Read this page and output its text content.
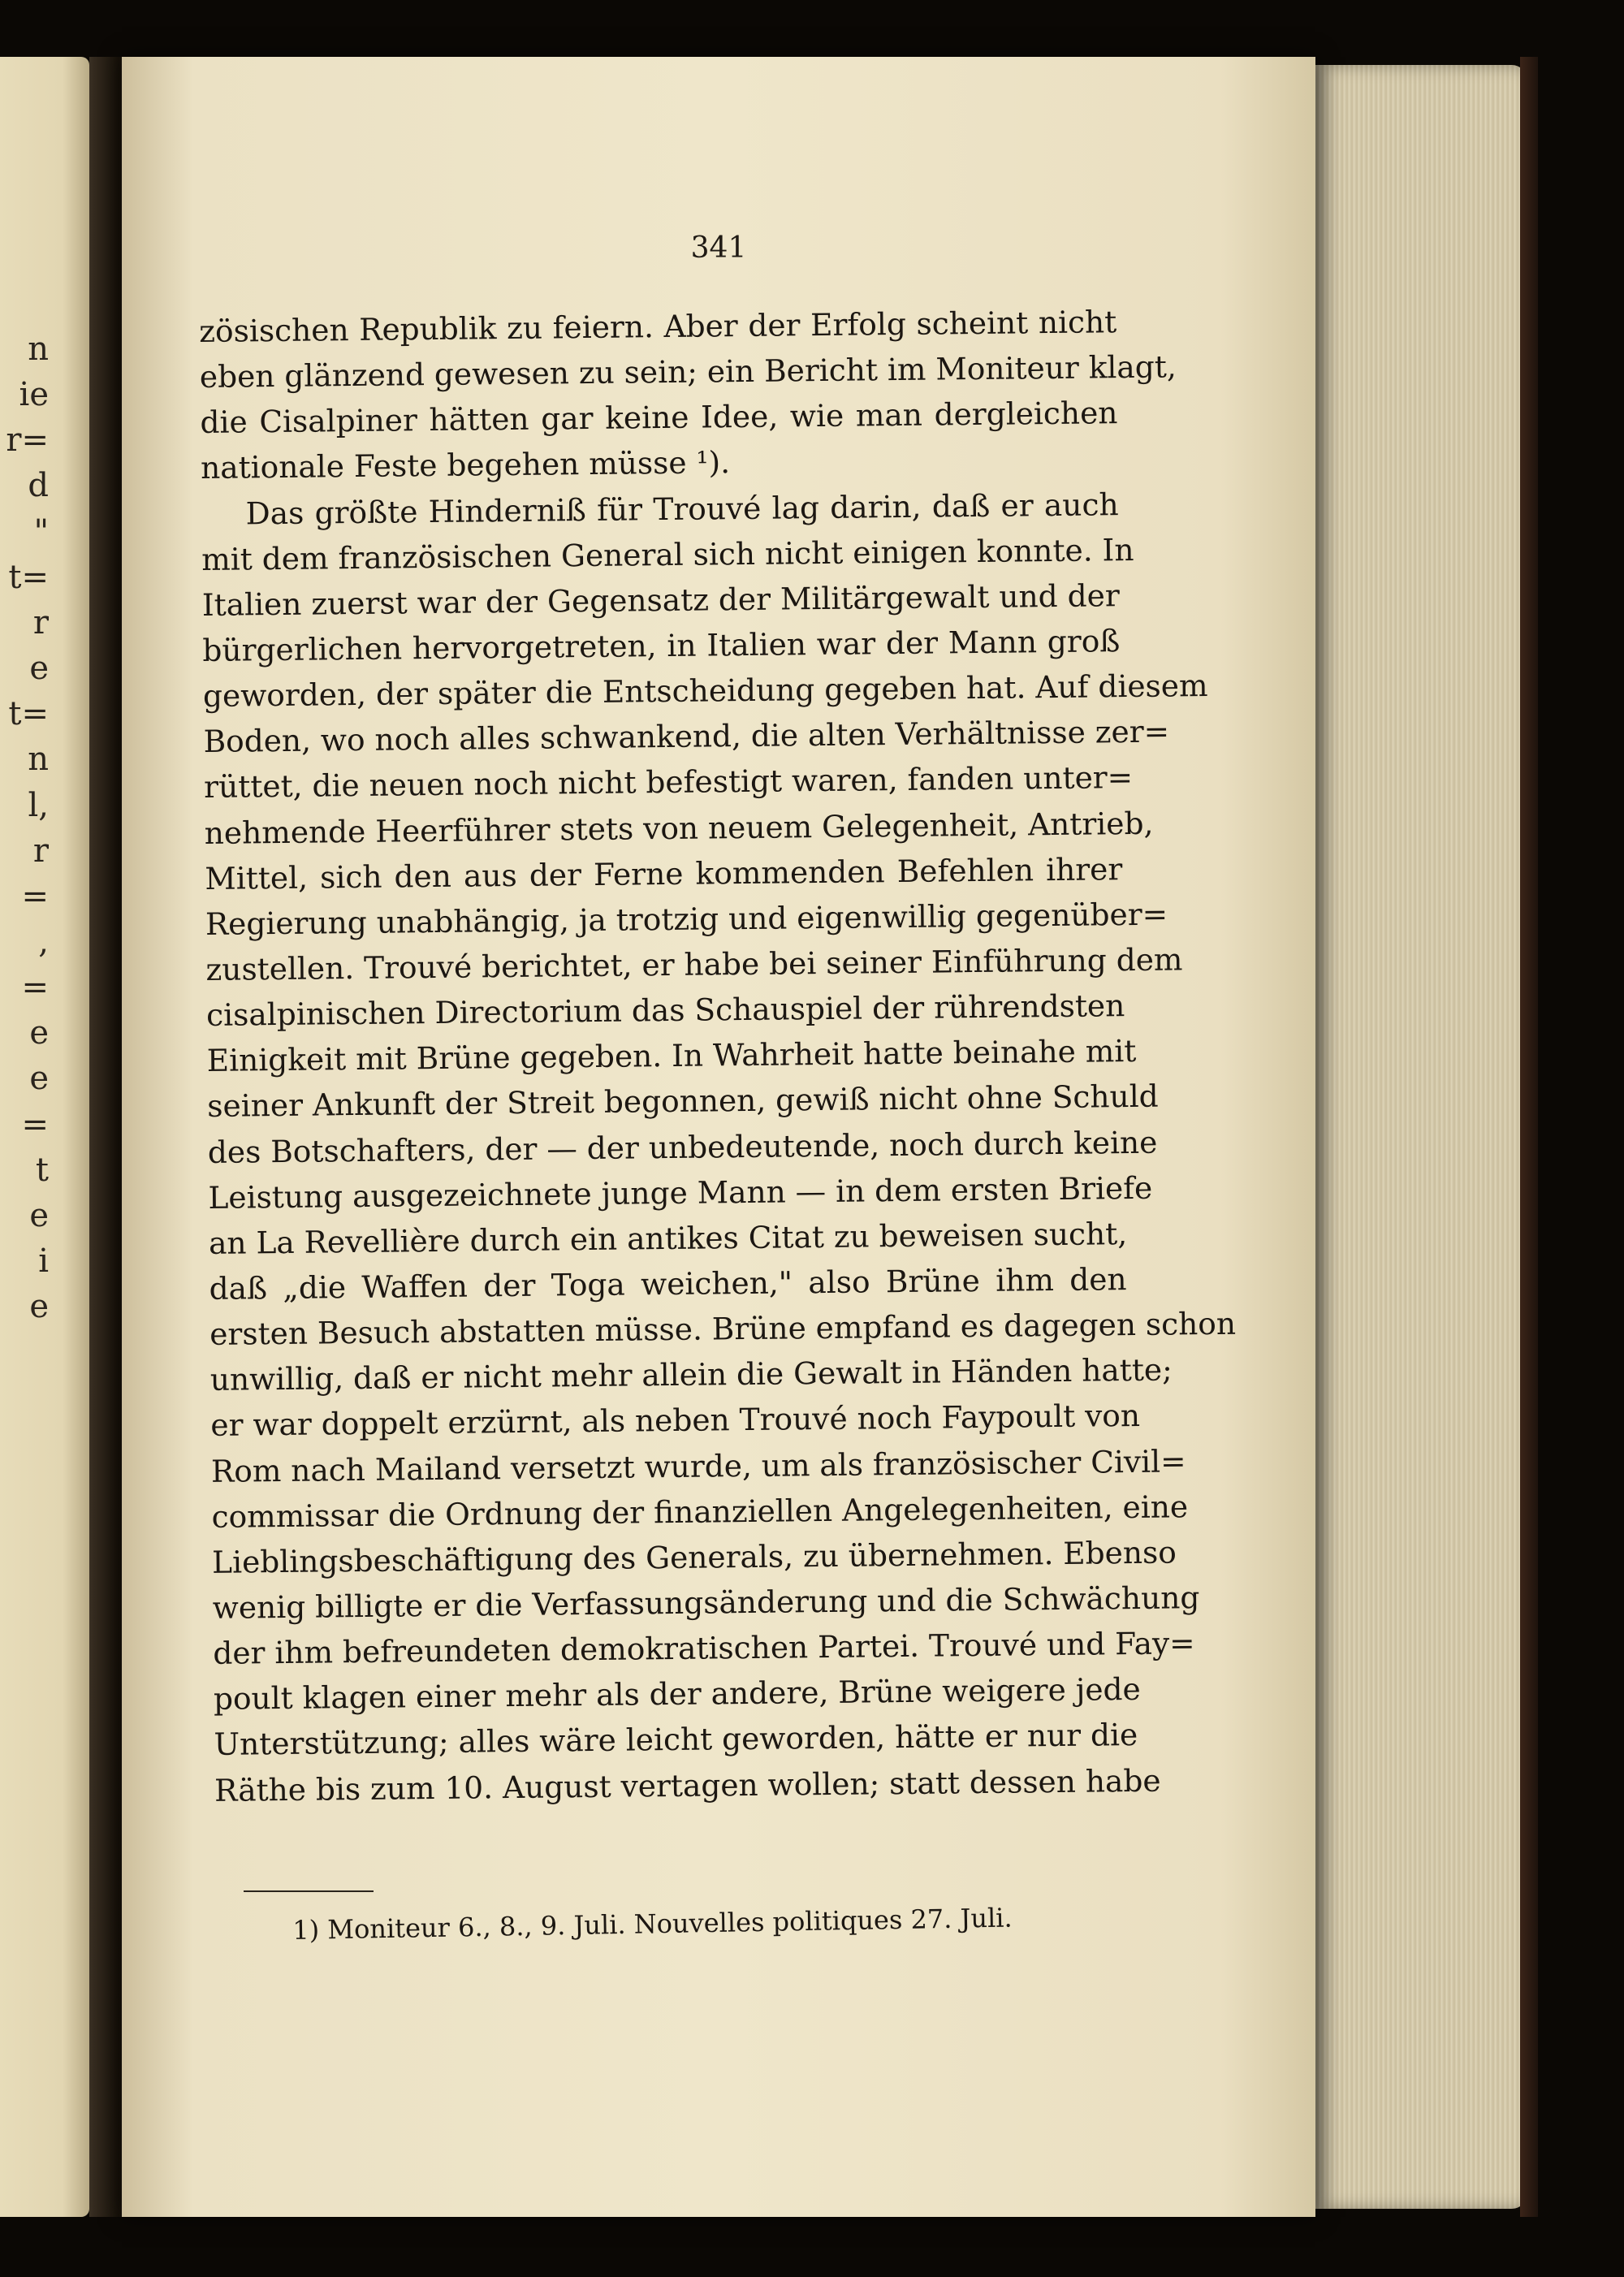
n
ie
r=
d
"
t=
r
e
t=
n
l,
r
=
,
=
e
e
=
t
e
i
e
341
zösischen Republik zu feiern. Aber der Erfolg scheint nicht
eben glänzend gewesen zu sein; ein Bericht im Moniteur klagt,
die Cisalpiner hätten gar keine Idee, wie man dergleichen
nationale Feste begehen müsse ¹).
Das größte Hinderniß für Trouvé lag darin, daß er auch
mit dem französischen General sich nicht einigen konnte. In
Italien zuerst war der Gegensatz der Militärgewalt und der
bürgerlichen hervorgetreten, in Italien war der Mann groß
geworden, der später die Entscheidung gegeben hat. Auf diesem
Boden, wo noch alles schwankend, die alten Verhältnisse zer=
rüttet, die neuen noch nicht befestigt waren, fanden unter=
nehmende Heerführer stets von neuem Gelegenheit, Antrieb,
Mittel, sich den aus der Ferne kommenden Befehlen ihrer
Regierung unabhängig, ja trotzig und eigenwillig gegenüber=
zustellen. Trouvé berichtet, er habe bei seiner Einführung dem
cisalpinischen Directorium das Schauspiel der rührendsten
Einigkeit mit Brüne gegeben. In Wahrheit hatte beinahe mit
seiner Ankunft der Streit begonnen, gewiß nicht ohne Schuld
des Botschafters, der — der unbedeutende, noch durch keine
Leistung ausgezeichnete junge Mann — in dem ersten Briefe
an La Revellière durch ein antikes Citat zu beweisen sucht,
daß „die Waffen der Toga weichen," also Brüne ihm den
ersten Besuch abstatten müsse. Brüne empfand es dagegen schon
unwillig, daß er nicht mehr allein die Gewalt in Händen hatte;
er war doppelt erzürnt, als neben Trouvé noch Faypoult von
Rom nach Mailand versetzt wurde, um als französischer Civil=
commissar die Ordnung der finanziellen Angelegenheiten, eine
Lieblingsbeschäftigung des Generals, zu übernehmen. Ebenso
wenig billigte er die Verfassungsänderung und die Schwächung
der ihm befreundeten demokratischen Partei. Trouvé und Fay=
poult klagen einer mehr als der andere, Brüne weigere jede
Unterstützung; alles wäre leicht geworden, hätte er nur die
Räthe bis zum 10. August vertagen wollen; statt dessen habe
1) Moniteur 6., 8., 9. Juli. Nouvelles politiques 27. Juli.
